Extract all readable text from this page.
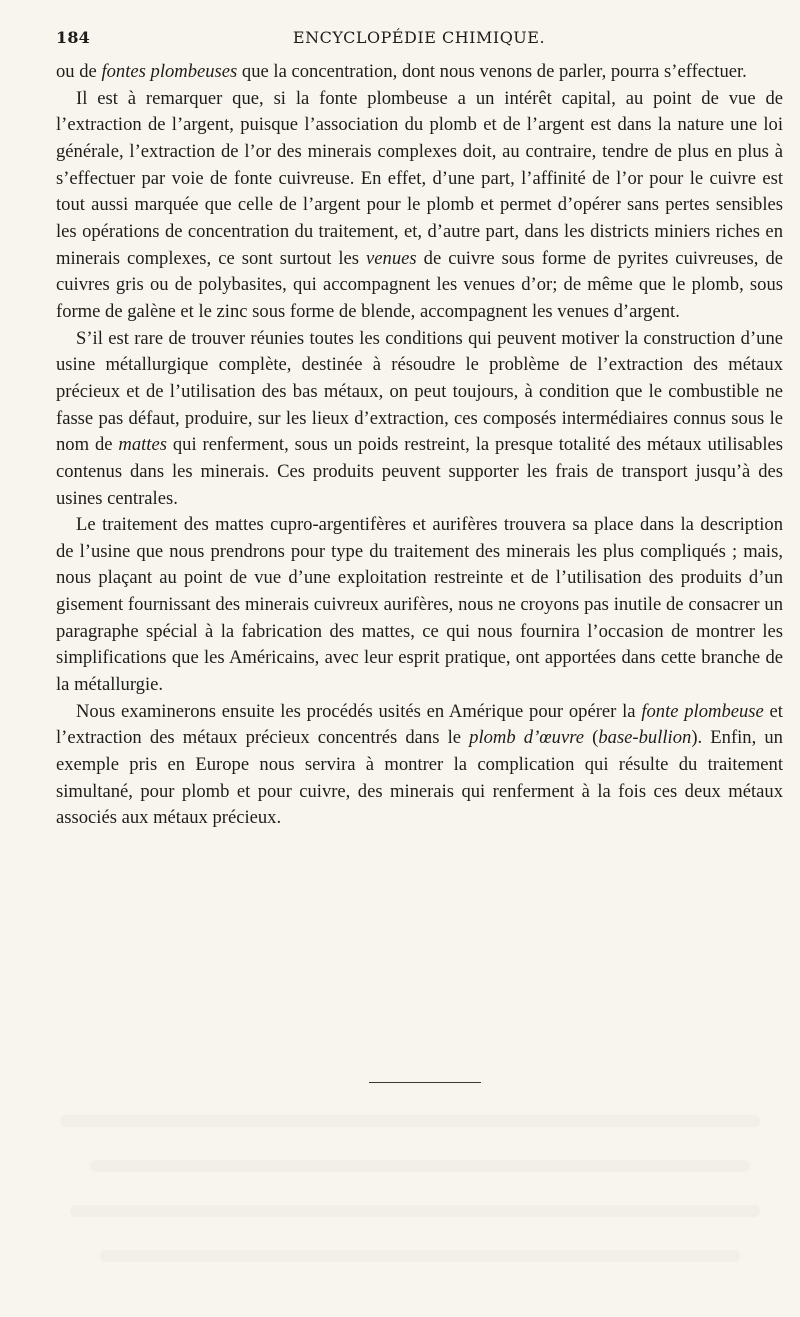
184	ENCYCLOPÉDIE CHIMIQUE.

ou de fontes plombeuses que la concentration, dont nous venons de parler, pourra s’effectuer.

Il est à remarquer que, si la fonte plombeuse a un intérêt capital, au point de vue de l’extraction de l’argent, puisque l’association du plomb et de l’argent est dans la nature une loi générale, l’extraction de l’or des minerais complexes doit, au contraire, tendre de plus en plus à s’effectuer par voie de fonte cuivreuse. En effet, d’une part, l’affinité de l’or pour le cuivre est tout aussi marquée que celle de l’argent pour le plomb et permet d’opérer sans pertes sensibles les opérations de concentration du traitement, et, d’autre part, dans les districts miniers riches en minerais complexes, ce sont surtout les venues de cuivre sous forme de pyrites cuivreuses, de cuivres gris ou de polybasites, qui accompagnent les venues d’or; de même que le plomb, sous forme de galène et le zinc sous forme de blende, accompagnent les venues d’argent.

S’il est rare de trouver réunies toutes les conditions qui peuvent motiver la construction d’une usine métallurgique complète, destinée à résoudre le problème de l’extraction des métaux précieux et de l’utilisation des bas métaux, on peut toujours, à condition que le combustible ne fasse pas défaut, produire, sur les lieux d’extraction, ces composés intermédiaires connus sous le nom de mattes qui renferment, sous un poids restreint, la presque totalité des métaux utilisables contenus dans les minerais. Ces produits peuvent supporter les frais de transport jusqu’à des usines centrales.

Le traitement des mattes cupro-argentifères et aurifères trouvera sa place dans la description de l’usine que nous prendrons pour type du traitement des minerais les plus compliqués ; mais, nous plaçant au point de vue d’une exploitation restreinte et de l’utilisation des produits d’un gisement fournissant des minerais cuivreux aurifères, nous ne croyons pas inutile de consacrer un paragraphe spécial à la fabrication des mattes, ce qui nous fournira l’occasion de montrer les simplifications que les Américains, avec leur esprit pratique, ont apportées dans cette branche de la métallurgie.

Nous examinerons ensuite les procédés usités en Amérique pour opérer la fonte plombeuse et l’extraction des métaux précieux concentrés dans le plomb d’œuvre (base-bullion). Enfin, un exemple pris en Europe nous servira à montrer la complication qui résulte du traitement simultané, pour plomb et pour cuivre, des minerais qui renferment à la fois ces deux métaux associés aux métaux précieux.
